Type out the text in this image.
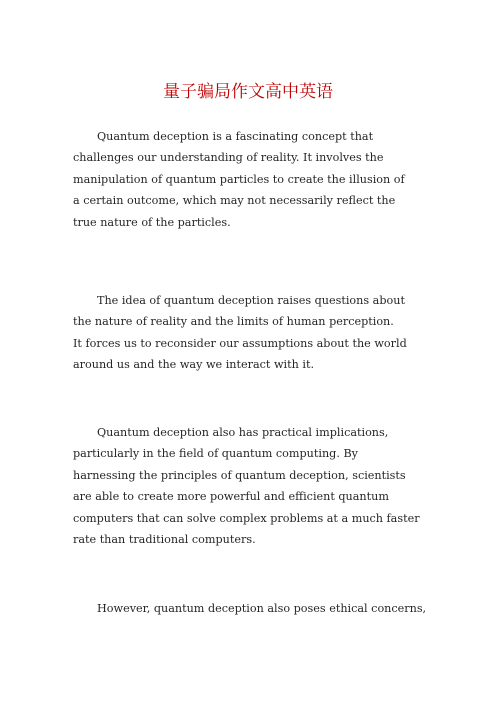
量子骗局作文高中英语
Quantum deception is a fascinating concept that
challenges our understanding of reality. It involves the
manipulation of quantum particles to create the illusion of
a certain outcome, which may not necessarily reflect the
true nature of the particles.
The idea of quantum deception raises questions about
the nature of reality and the limits of human perception.
It forces us to reconsider our assumptions about the world
around us and the way we interact with it.
Quantum deception also has practical implications,
particularly in the field of quantum computing. By
harnessing the principles of quantum deception, scientists
are able to create more powerful and efficient quantum
computers that can solve complex problems at a much faster
rate than traditional computers.
However, quantum deception also poses ethical concerns,
